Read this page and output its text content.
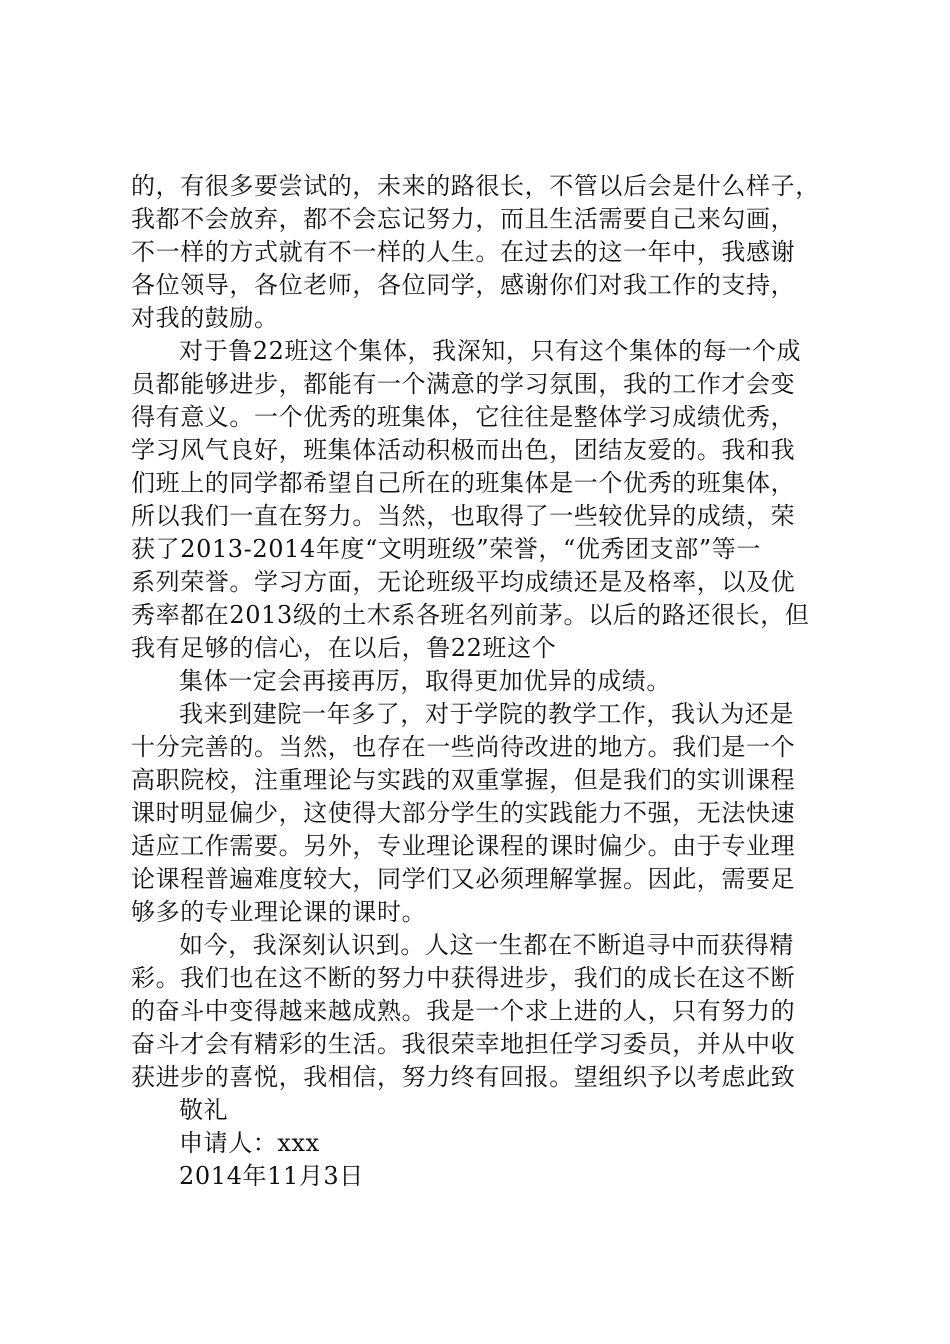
的，有很多要尝试的，未来的路很长，不管以后会是什么样子，
我都不会放弃，都不会忘记努力，而且生活需要自己来勾画，
不一样的方式就有不一样的人生。在过去的这一年中，我感谢
各位领导，各位老师，各位同学，感谢你们对我工作的支持，
对我的鼓励。
对于鲁22班这个集体，我深知，只有这个集体的每一个成
员都能够进步，都能有一个满意的学习氛围，我的工作才会变
得有意义。一个优秀的班集体，它往往是整体学习成绩优秀，
学习风气良好，班集体活动积极而出色，团结友爱的。我和我
们班上的同学都希望自己所在的班集体是一个优秀的班集体，
所以我们一直在努力。当然，也取得了一些较优异的成绩，荣
获了2013-2014年度“文明班级”荣誉，“优秀团支部”等一
系列荣誉。学习方面，无论班级平均成绩还是及格率，以及优
秀率都在2013级的土木系各班名列前茅。以后的路还很长，但
我有足够的信心，在以后，鲁22班这个
集体一定会再接再厉，取得更加优异的成绩。
我来到建院一年多了，对于学院的教学工作，我认为还是
十分完善的。当然，也存在一些尚待改进的地方。我们是一个
高职院校，注重理论与实践的双重掌握，但是我们的实训课程
课时明显偏少，这使得大部分学生的实践能力不强，无法快速
适应工作需要。另外，专业理论课程的课时偏少。由于专业理
论课程普遍难度较大，同学们又必须理解掌握。因此，需要足
够多的专业理论课的课时。
如今，我深刻认识到。人这一生都在不断追寻中而获得精
彩。我们也在这不断的努力中获得进步，我们的成长在这不断
的奋斗中变得越来越成熟。我是一个求上进的人，只有努力的
奋斗才会有精彩的生活。我很荣幸地担任学习委员，并从中收
获进步的喜悦，我相信，努力终有回报。望组织予以考虑此致
敬礼
申请人：xxx
2014年11月3日
